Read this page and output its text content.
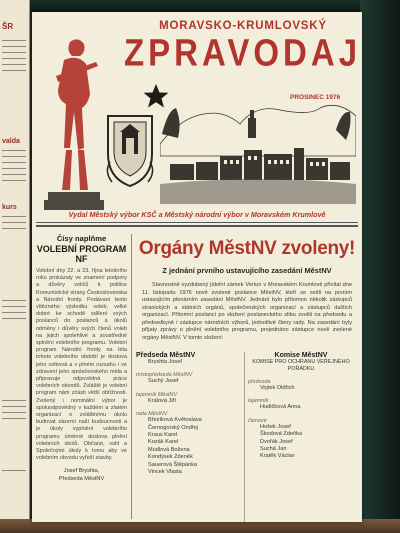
ŠR
valda
kurs
MORAVSKO-KRUMLOVSKÝ
ZPRAVODAJ
PROSINEC 1976
Vydal Městský výbor KSČ a Městský národní výbor v Moravském Krumlově
Čísy naplňme
VOLEBNÍ PROGRAM NF
Volební dny 22. a 23. října letošního roku prokázaly ve znamení podpory a důvěry voličů k politice Komunistické strany Československa a Národní fronty. Podávaní tento vítězného výsledku voleb, velké dobré ke schodě sdílení svých poslanců do poslanců a úkolů odměny i důvěry svých členů voleb na jejich spolehlivé a soustředné splnění volebního programu. Volební program Národní fronty na léta tohoto volebního období je doslova jeho celková a v plném rozsahu i ve zdravení jeho společenského měla a připravuje odpovědná práce volebních obvodů. Zvláště je volební program nám zčásti větší obtížnosti. Zvolený i nominální výbor je spoluodpovědný v každém a zlatém organizací o zvláštnímu úkolu budovat zázemí naší budoucnosti a je úkoly vyplnění volebního programu úměrné doslova plnění volebních úkolů. Občané, volit a Společnými úkoly k tomu aby ve volebním obvodu vyřeší stavby.
Josef Bryshta,
Předseda MěstNV
Orgány MěstNV zvoleny!
Z jednání prvního ustavujícího zasedání MěstNV
Slavnostně vyzdobený jídelní zámek Vertun v Moravském Krumlově přivítal dne 11. listopadu 1976 nově zvolené poslance MěstNV, kteří se sešli na prvním ustavujícím plenárním zasedání MěstNV. Jednání bylo přítomno několik zástupců stranických a státních orgánů, společenských organizací a zástupců dalších organizací. Přítomní poslanci po složení poslaneckého slibu zvolili na předsedu a předsedkyně i zástupce národních výborů, jednotlivé členy rady. Na zasedání byly přijaty zprávy o plnění volebního programu, projednáno zástupce nově zvolené orgány MěstNV. V tomto složení:
Předseda MěstNV
Bryshta Josef
místopředseda MěstNV
Suchý Josef
tajemník MěstNV
Králová Jiří
rada MěstNV
Březíková Květoslava
Černogorský Ondřej
Kraus Karel
Kozák Karel
Mudlová Božena
Kondýsek Zdeněk
Sauerová Štěpánka
Vincek Vlasta
Komise MěstNV
KOMISE PRO OCHRANU VEŘEJNÉHO POŘÁDKU
předseda
Vojtek Oldřich
tajemník
Hudičková Anna
členové
Hošek Josef
Škodová Zdeňka
Dvořák Josef
Suchá Jan
Kratěk Václav
